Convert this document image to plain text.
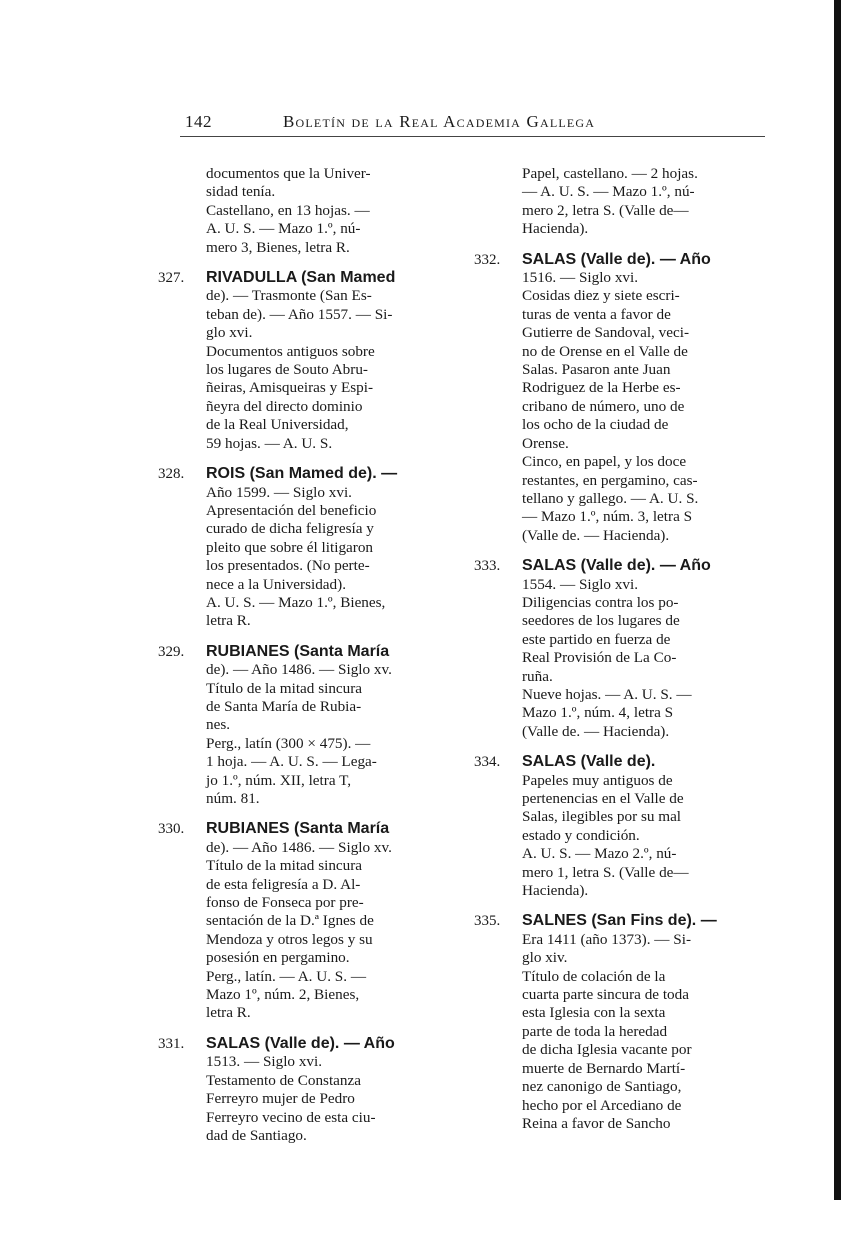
142	Boletín de la Real Academia Gallega
documentos que la Univer-
sidad tenía.
Castellano, en 13 hojas. —
A. U. S. — Mazo 1.º, nú-
mero 3, Bienes, letra R.
327. RIVADULLA (San Mamed
de). — Trasmonte (San Es-
teban de). — Año 1557. — Si-
glo xvi.
Documentos antiguos sobre
los lugares de Souto Abru-
ñeiras, Amisqueiras y Espi-
ñeyra del directo dominio
de la Real Universidad,
59 hojas. — A. U. S.
328. ROIS (San Mamed de). —
Año 1599. — Siglo xvi.
Apresentación del beneficio
curado de dicha feligresía y
pleito que sobre él litigaron
los presentados. (No perte-
nece a la Universidad).
A. U. S. — Mazo 1.º, Bienes,
letra R.
329. RUBIANES (Santa María
de). — Año 1486. — Siglo xv.
Título de la mitad sincura
de Santa María de Rubia-
nes.
Perg., latín (300 × 475). —
1 hoja. — A. U. S. — Lega-
jo 1.º, núm. XII, letra T,
núm. 81.
330. RUBIANES (Santa María
de). — Año 1486. — Siglo xv.
Título de la mitad sincura
de esta feligresía a D. Al-
fonso de Fonseca por pre-
sentación de la D.ª Ignes de
Mendoza y otros legos y su
posesión en pergamino.
Perg., latín. — A. U. S. —
Mazo 1º, núm. 2, Bienes,
letra R.
331. SALAS (Valle de). — Año
1513. — Siglo xvi.
Testamento de Constanza
Ferreyro mujer de Pedro
Ferreyro vecino de esta ciu-
dad de Santiago.
Papel, castellano. — 2 hojas.
— A. U. S. — Mazo 1.º, nú-
mero 2, letra S. (Valle de—
Hacienda).
332. SALAS (Valle de). — Año
1516. — Siglo xvi.
Cosidas diez y siete escri-
turas de venta a favor de
Gutierre de Sandoval, veci-
no de Orense en el Valle de
Salas. Pasaron ante Juan
Rodriguez de la Herbe es-
cribano de número, uno de
los ocho de la ciudad de
Orense.
Cinco, en papel, y los doce
restantes, en pergamino, cas-
tellano y gallego. — A. U. S.
— Mazo 1.º, núm. 3, letra S
(Valle de. — Hacienda).
333. SALAS (Valle de). — Año
1554. — Siglo xvi.
Diligencias contra los po-
seedores de los lugares de
este partido en fuerza de
Real Provisión de La Co-
ruña.
Nueve hojas. — A. U. S. —
Mazo 1.º, núm. 4, letra S
(Valle de. — Hacienda).
334. SALAS (Valle de).
Papeles muy antiguos de
pertenencias en el Valle de
Salas, ilegibles por su mal
estado y condición.
A. U. S. — Mazo 2.º, nú-
mero 1, letra S. (Valle de—
Hacienda).
335. SALNES (San Fins de). —
Era 1411 (año 1373). — Si-
glo xiv.
Título de colación de la
cuarta parte sincura de toda
esta Iglesia con la sexta
parte de toda la heredad
de dicha Iglesia vacante por
muerte de Bernardo Martí-
nez canonigo de Santiago,
hecho por el Arcediano de
Reina a favor de Sancho
